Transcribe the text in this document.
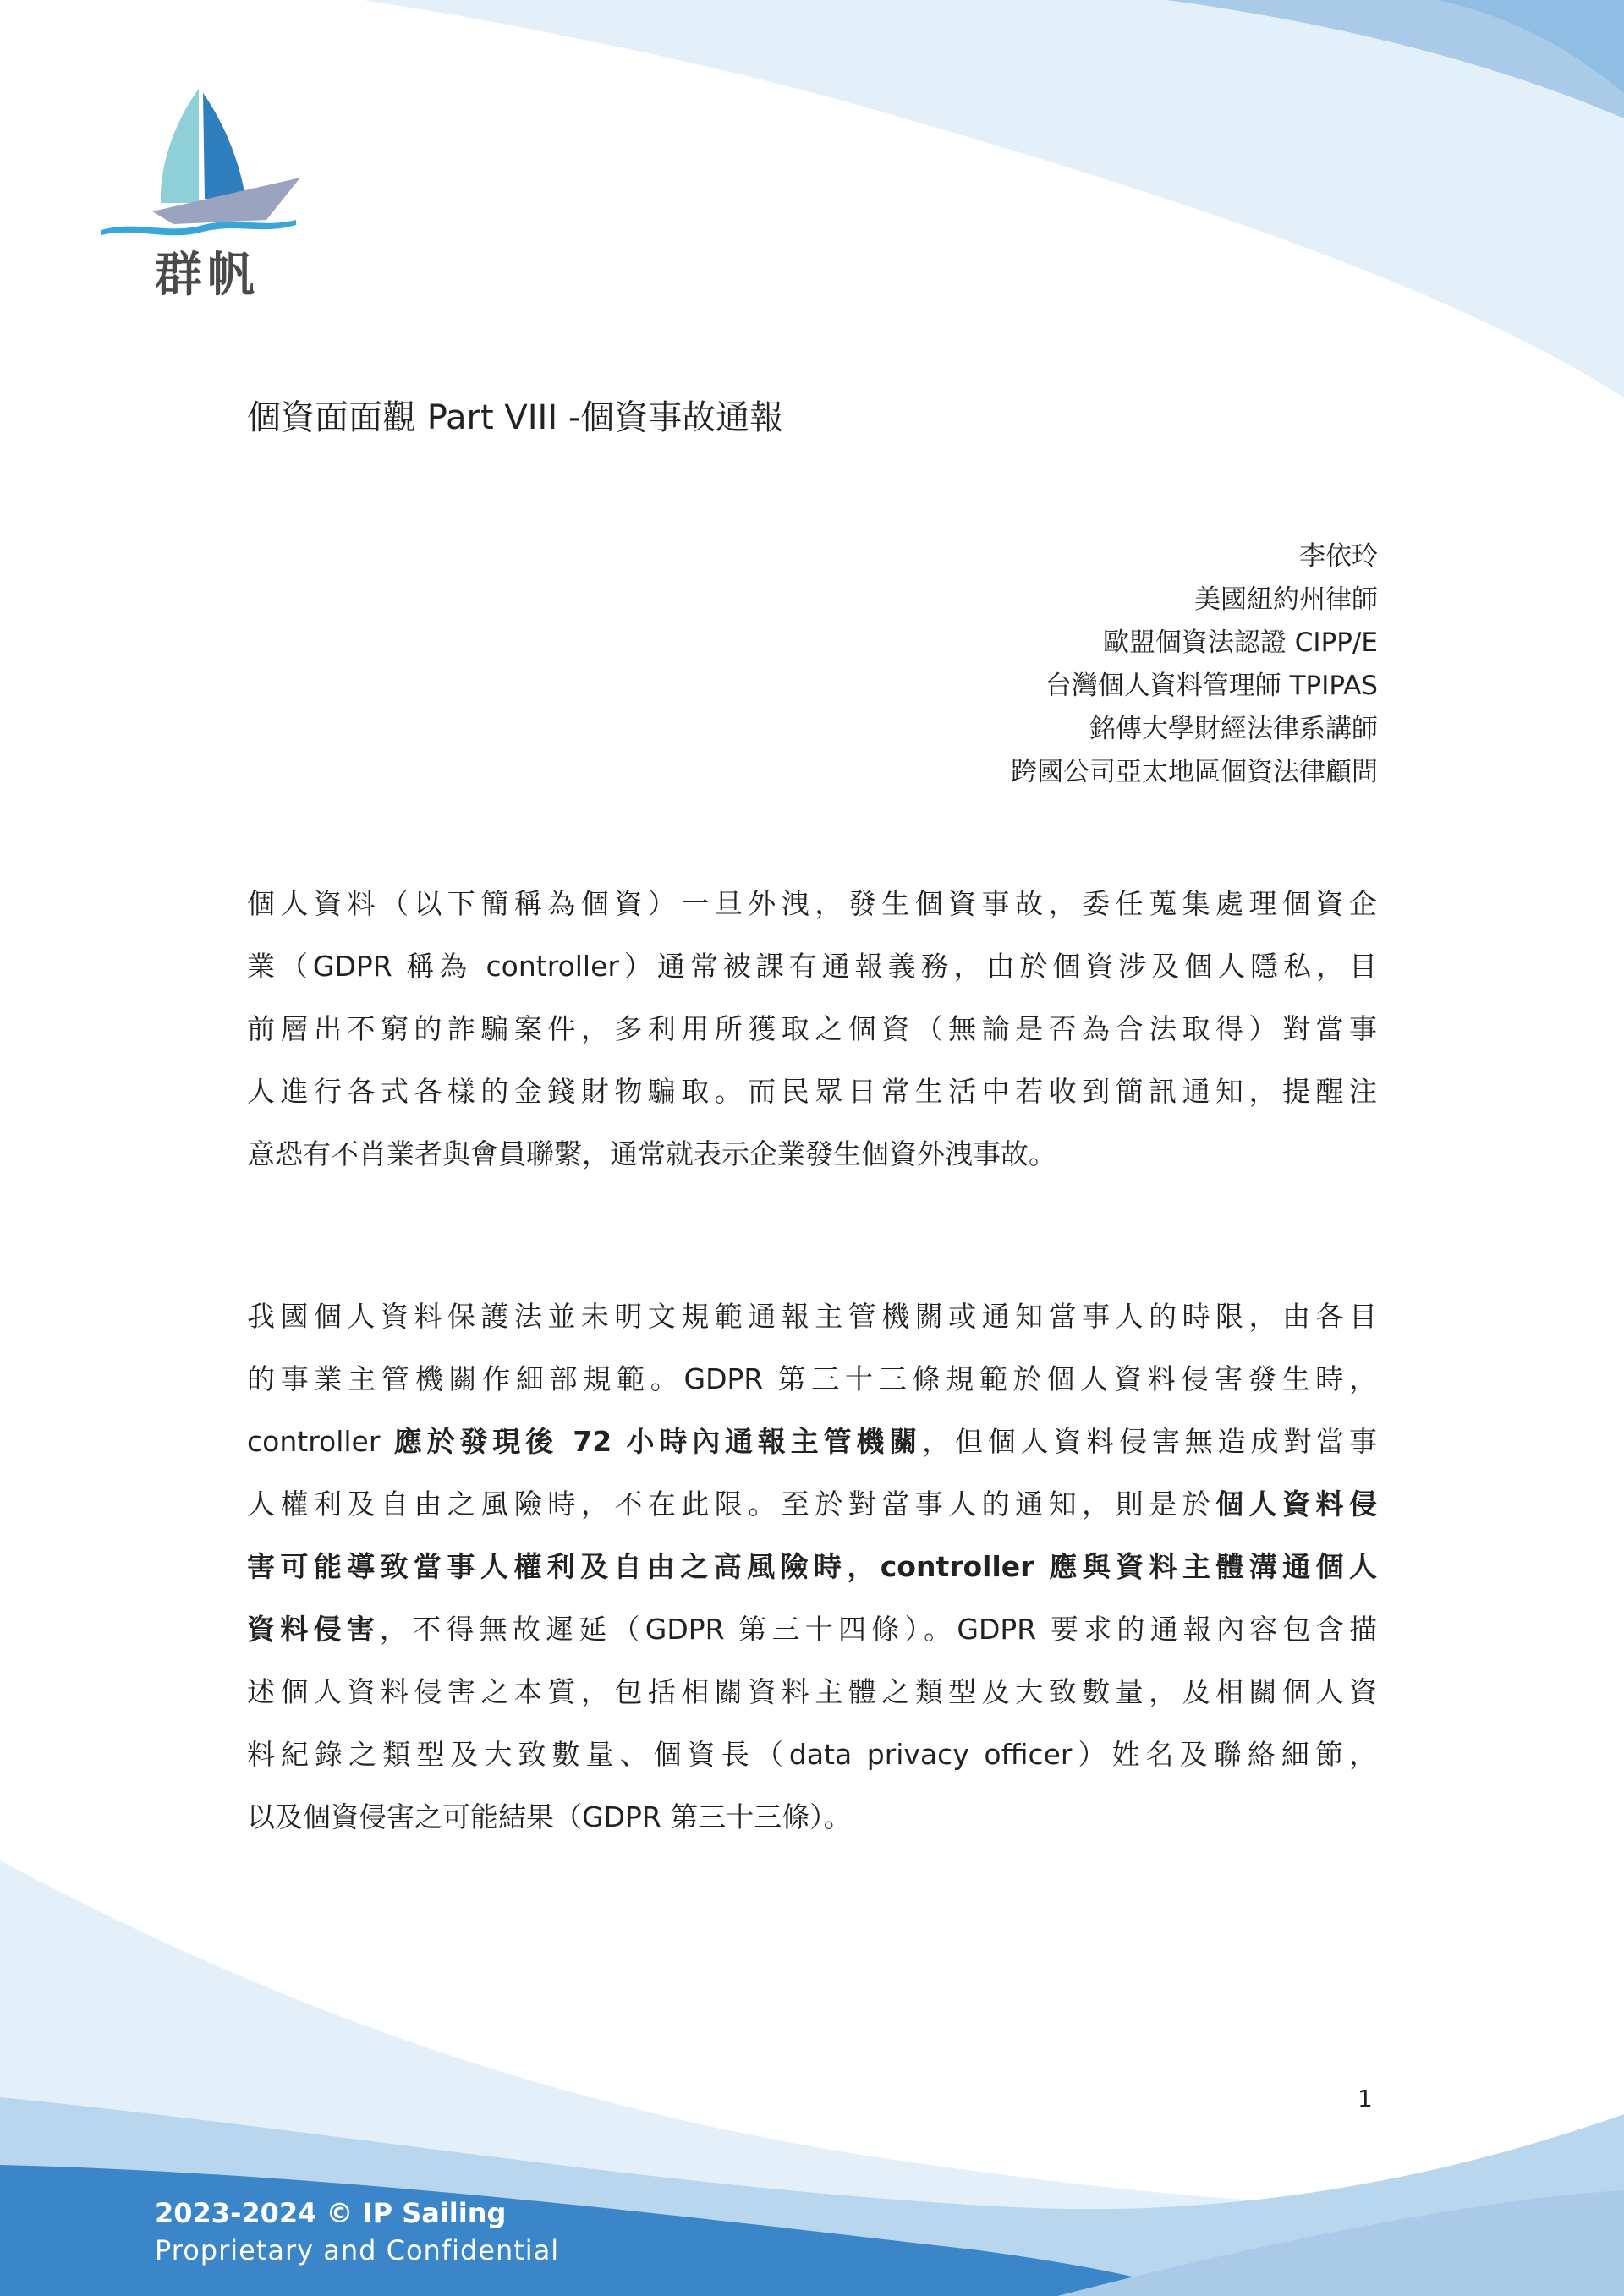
群帆
個資面面觀 Part VIII -個資事故通報
李依玲
美國紐約州律師
歐盟個資法認證 CIPP/E
台灣個人資料管理師 TPIPAS
銘傳大學財經法律系講師
跨國公司亞太地區個資法律顧問
個人資料（以下簡稱為個資）一旦外洩，發生個資事故，委任蒐集處理個資企
業（GDPR 稱為 controller）通常被課有通報義務，由於個資涉及個人隱私，目
前層出不窮的詐騙案件，多利用所獲取之個資（無論是否為合法取得）對當事
人進行各式各樣的金錢財物騙取。而民眾日常生活中若收到簡訊通知，提醒注
意恐有不肖業者與會員聯繫，通常就表示企業發生個資外洩事故。
我國個人資料保護法並未明文規範通報主管機關或通知當事人的時限，由各目
的事業主管機關作細部規範。GDPR 第三十三條規範於個人資料侵害發生時，
controller 應於發現後 72 小時內通報主管機關，但個人資料侵害無造成對當事
人權利及自由之風險時，不在此限。至於對當事人的通知，則是於個人資料侵
害可能導致當事人權利及自由之高風險時，controller 應與資料主體溝通個人
資料侵害，不得無故遲延（GDPR 第三十四條）。GDPR 要求的通報內容包含描
述個人資料侵害之本質，包括相關資料主體之類型及大致數量，及相關個人資
料紀錄之類型及大致數量、個資長（data privacy officer）姓名及聯絡細節，
以及個資侵害之可能結果（GDPR 第三十三條）。
1
2023-2024 © IP Sailing
Proprietary and Confidential
